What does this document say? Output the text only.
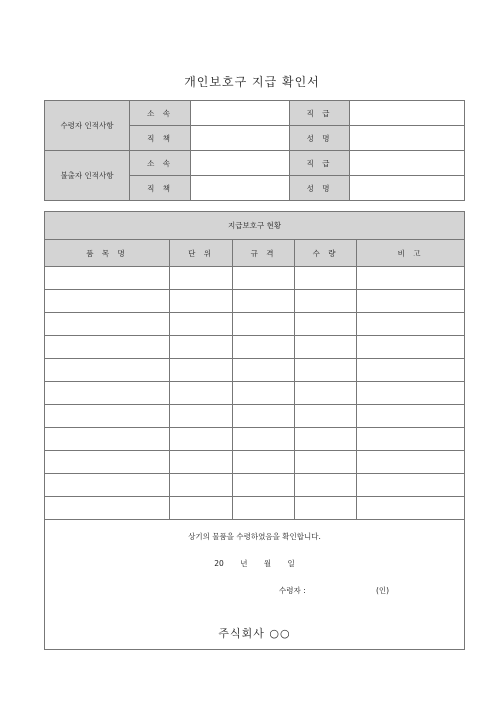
개인보호구 지급 확인서
수령자 인적사항	소 속		직 급	
	직 책		성 명	
불출자 인적사항	소 속		직 급	
	직 책		성 명	
지급보호구 현황				
품 목 명	단 위	규 격	수 량	비 고

상기의 물품을 수령하였음을 확인합니다.
20 년 월 일
수령자 : (인)
주식회사 ○○				
